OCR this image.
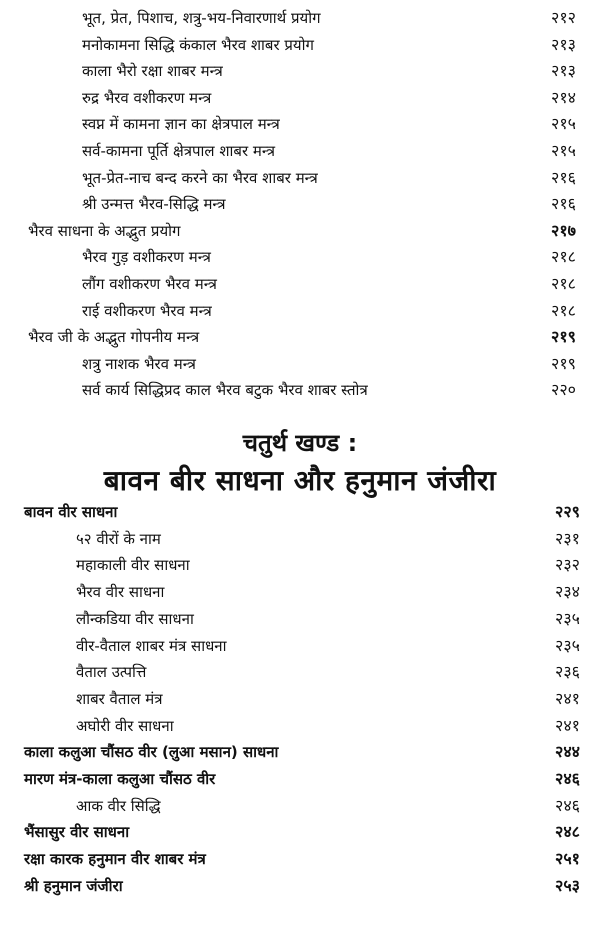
भूत, प्रेत, पिशाच, शत्रु-भय-निवारणार्थ प्रयोग	२१२
मनोकामना सिद्धि कंकाल भैरव शाबर प्रयोग	२१३
काला भैरो रक्षा शाबर मन्त्र	२१३
रुद्र भैरव वशीकरण मन्त्र	२१४
स्वप्न में कामना ज्ञान का क्षेत्रपाल मन्त्र	२१५
सर्व-कामना पूर्ति क्षेत्रपाल शाबर मन्त्र	२१५
भूत-प्रेत-नाच बन्द करने का भैरव शाबर मन्त्र	२१६
श्री उन्मत्त भैरव-सिद्धि मन्त्र	२१६
भैरव साधना के अद्भुत प्रयोग	२१७
भैरव गुड़ वशीकरण मन्त्र	२१८
लौंग वशीकरण भैरव मन्त्र	२१८
राई वशीकरण भैरव मन्त्र	२१८
भैरव जी के अद्भुत गोपनीय मन्त्र	२१९
शत्रु नाशक भैरव मन्त्र	२१९
सर्व कार्य सिद्धिप्रद काल भैरव बटुक भैरव शाबर स्तोत्र	२२०
चतुर्थ खण्ड :
बावन बीर साधना और हनुमान जंजीरा
बावन वीर साधना	२२९
५२ वीरों के नाम	२३१
महाकाली वीर साधना	२३२
भैरव वीर साधना	२३४
लौन्कडिया वीर साधना	२३५
वीर-वैताल शाबर मंत्र साधना	२३५
वैताल उत्पत्ति	२३६
शाबर वैताल मंत्र	२४१
अघोरी वीर साधना	२४१
काला कलुआ चौंसठ वीर (लुआ मसान) साधना	२४४
मारण मंत्र-काला कलुआ चौंसठ वीर	२४६
आक वीर सिद्धि	२४६
भैंसासुर वीर साधना	२४८
रक्षा कारक हनुमान वीर शाबर मंत्र	२५१
श्री हनुमान जंजीरा	२५३
